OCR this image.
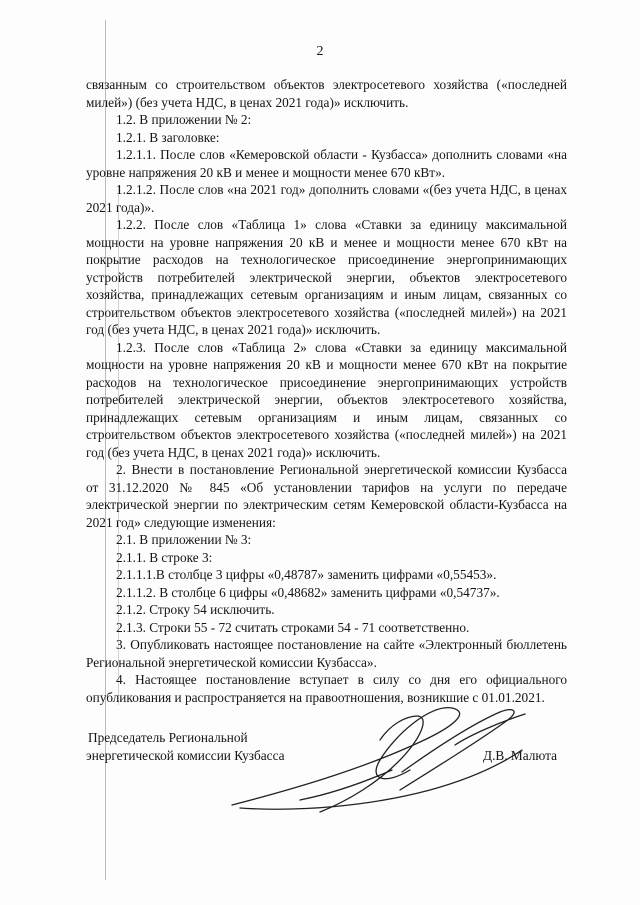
2

связанным со строительством объектов электросетевого хозяйства («последней милей») (без учета НДС, в ценах 2021 года)» исключить.

1.2. В приложении № 2:

1.2.1. В заголовке:

1.2.1.1. После слов «Кемеровской области - Кузбасса» дополнить словами «на уровне напряжения 20 кВ и менее и мощности менее 670 кВт».

1.2.1.2. После слов «на 2021 год» дополнить словами «(без учета НДС, в ценах 2021 года)».

1.2.2. После слов «Таблица 1» слова «Ставки за единицу максимальной мощности на уровне напряжения 20 кВ и менее и мощности менее 670 кВт на покрытие расходов на технологическое присоединение энергопринимающих устройств потребителей электрической энергии, объектов электросетевого хозяйства, принадлежащих сетевым организациям и иным лицам, связанных со строительством объектов электросетевого хозяйства («последней милей») на 2021 год (без учета НДС, в ценах 2021 года)» исключить.

1.2.3. После слов «Таблица 2» слова «Ставки за единицу максимальной мощности на уровне напряжения 20 кВ и мощности менее 670 кВт на покрытие расходов на технологическое присоединение энергопринимающих устройств потребителей электрической энергии, объектов электросетевого хозяйства, принадлежащих сетевым организациям и иным лицам, связанных со строительством объектов электросетевого хозяйства («последней милей») на 2021 год (без учета НДС, в ценах 2021 года)» исключить.

2. Внести в постановление Региональной энергетической комиссии Кузбасса от 31.12.2020 № 845 «Об установлении тарифов на услуги по передаче электрической энергии по электрическим сетям Кемеровской области-Кузбасса на 2021 год» следующие изменения:

2.1. В приложении № 3:

2.1.1. В строке 3:

2.1.1.1.В столбце 3 цифры «0,48787» заменить цифрами «0,55453».

2.1.1.2. В столбце 6 цифры «0,48682» заменить цифрами «0,54737».

2.1.2. Строку 54 исключить.

2.1.3. Строки 55 - 72 считать строками 54 - 71 соответственно.

3. Опубликовать настоящее постановление на сайте «Электронный бюллетень Региональной энергетической комиссии Кузбасса».

4. Настоящее постановление вступает в силу со дня его официального опубликования и распространяется на правоотношения, возникшие с 01.01.2021.

Председатель Региональной
энергетической комиссии Кузбасса	Д.В. Малюта
